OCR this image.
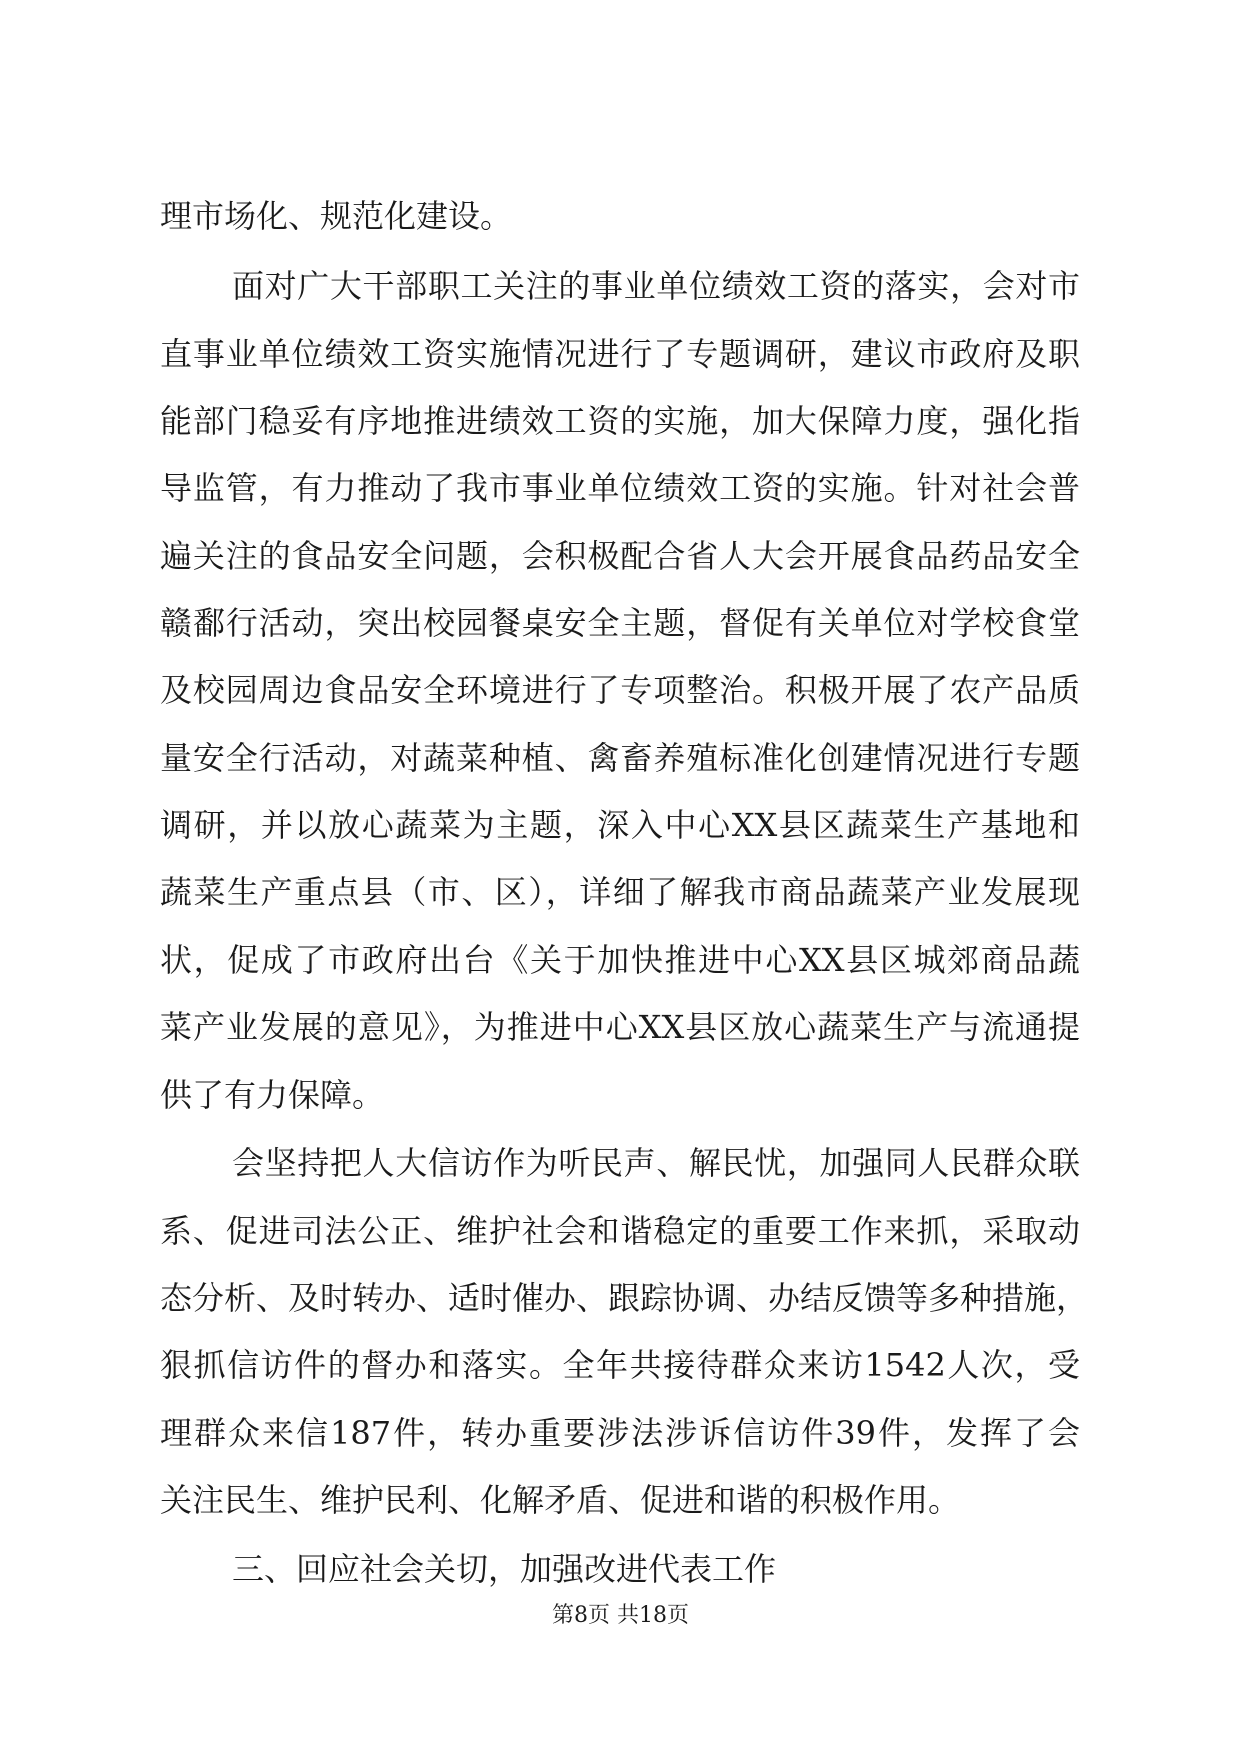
理市场化、规范化建设。
面对广大干部职工关注的事业单位绩效工资的落实，会对市
直事业单位绩效工资实施情况进行了专题调研，建议市政府及职
能部门稳妥有序地推进绩效工资的实施，加大保障力度，强化指
导监管，有力推动了我市事业单位绩效工资的实施。针对社会普
遍关注的食品安全问题，会积极配合省人大会开展食品药品安全
赣鄱行活动，突出校园餐桌安全主题，督促有关单位对学校食堂
及校园周边食品安全环境进行了专项整治。积极开展了农产品质
量安全行活动，对蔬菜种植、禽畜养殖标准化创建情况进行专题
调研，并以放心蔬菜为主题，深入中心XX县区蔬菜生产基地和
蔬菜生产重点县（市、区），详细了解我市商品蔬菜产业发展现
状，促成了市政府出台《关于加快推进中心XX县区城郊商品蔬
菜产业发展的意见》，为推进中心XX县区放心蔬菜生产与流通提
供了有力保障。
会坚持把人大信访作为听民声、解民忧，加强同人民群众联
系、促进司法公正、维护社会和谐稳定的重要工作来抓，采取动
态分析、及时转办、适时催办、跟踪协调、办结反馈等多种措施，
狠抓信访件的督办和落实。全年共接待群众来访1542人次，受
理群众来信187件，转办重要涉法涉诉信访件39件，发挥了会
关注民生、维护民利、化解矛盾、促进和谐的积极作用。
三、回应社会关切，加强改进代表工作
第8页 共18页
